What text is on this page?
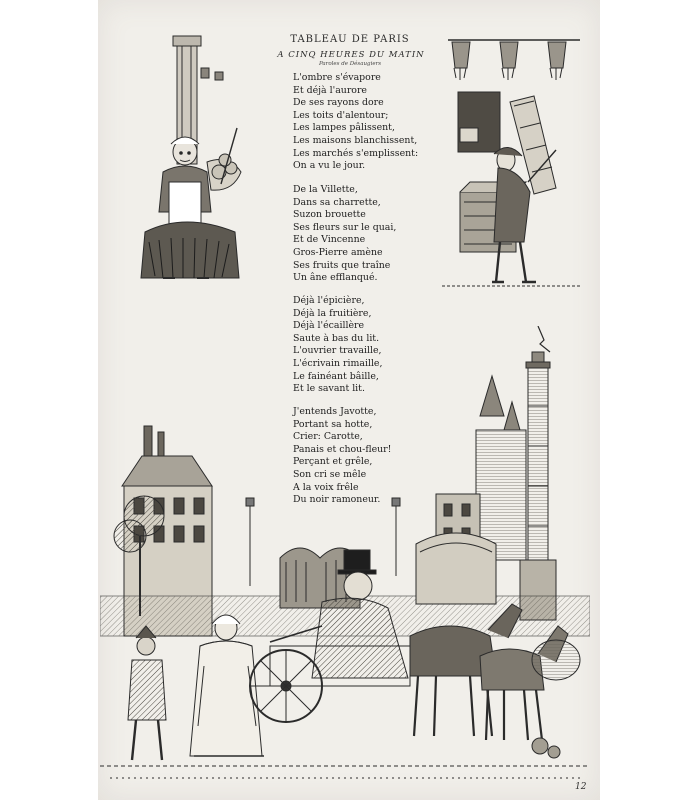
TABLEAU DE PARIS
A CINQ HEURES DU MATIN
Paroles de Désaugiers
L'ombre s'évapore
Et déjà l'aurore
De ses rayons dore
Les toits d'alentour;
Les lampes pâlissent,
Les maisons blanchissent,
Les marchés s'emplissent:
On a vu le jour.
De la Villette,
Dans sa charrette,
Suzon brouette
Ses fleurs sur le quai,
Et de Vincenne
Gros-Pierre amène
Ses fruits que traîne
Un âne efflanqué.
Déjà l'épicière,
Déjà la fruitière,
Déjà l'écaillère
Saute à bas du lit.
L'ouvrier travaille,
L'écrivain rimaille,
Le fainéant bâille,
Et le savant lit.
J'entends Javotte,
Portant sa hotte,
Crier: Carotte,
Panais et chou-fleur!
Perçant et grêle,
Son cri se mêle
A la voix frêle
Du noir ramoneur.
12
